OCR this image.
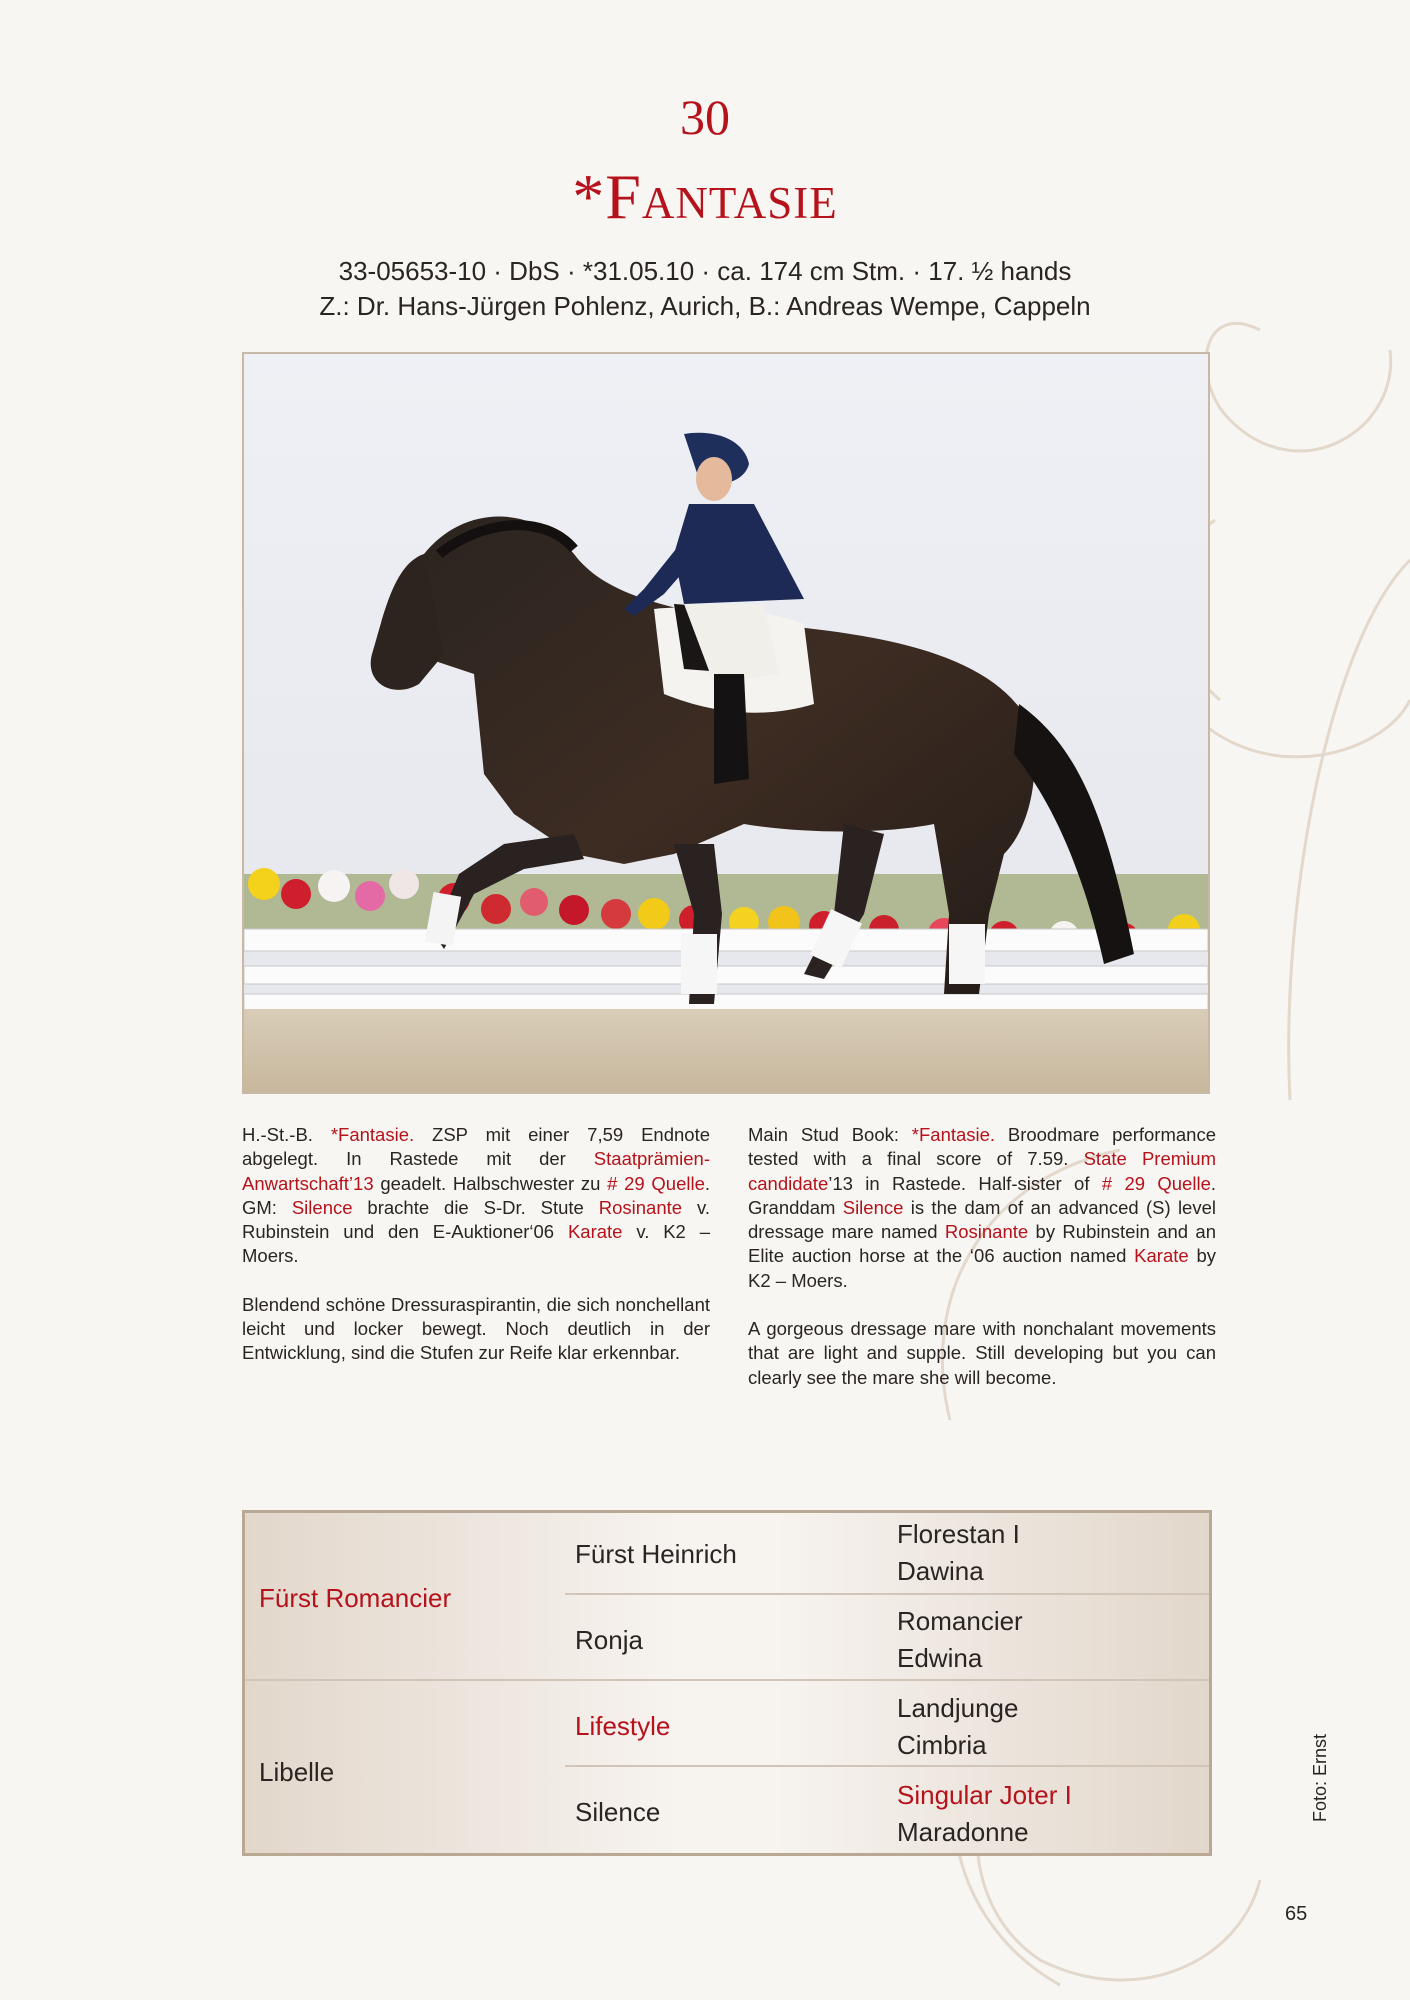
30
*Fantasie
33-05653-10 · DbS · *31.05.10 · ca. 174 cm Stm. · 17. ½ hands
Z.: Dr. Hans-Jürgen Pohlenz, Aurich, B.: Andreas Wempe, Cappeln

H.-St.-B. *Fantasie. ZSP mit einer 7,59 Endnote abgelegt. In Rastede mit der Staatprämien-Anwartschaft’13 geadelt. Halbschwester zu # 29 Quelle. GM: Silence brachte die S-Dr. Stute Rosinante v. Rubinstein und den E-Auktioner‘06 Karate v. K2 – Moers.

Blendend schöne Dressuraspirantin, die sich nonchellant leicht und locker bewegt. Noch deutlich in der Entwicklung, sind die Stufen zur Reife klar erkennbar.

Main Stud Book: *Fantasie. Broodmare performance tested with a final score of 7.59. State Premium candidate’13 in Rastede. Half-sister of # 29 Quelle. Granddam Silence is the dam of an advanced (S) level dressage mare named Rosinante by Rubinstein and an Elite auction horse at the ‘06 auction named Karate by K2 – Moers.

A gorgeous dressage mare with nonchalant movements that are light and supple. Still developing but you can clearly see the mare she will become.

Fürst Romancier
Libelle
Fürst Heinrich
Ronja
Lifestyle
Silence
Florestan I
Dawina
Romancier
Edwina
Landjunge
Cimbria
Singular Joter I
Maradonne
Foto: Ernst
65
